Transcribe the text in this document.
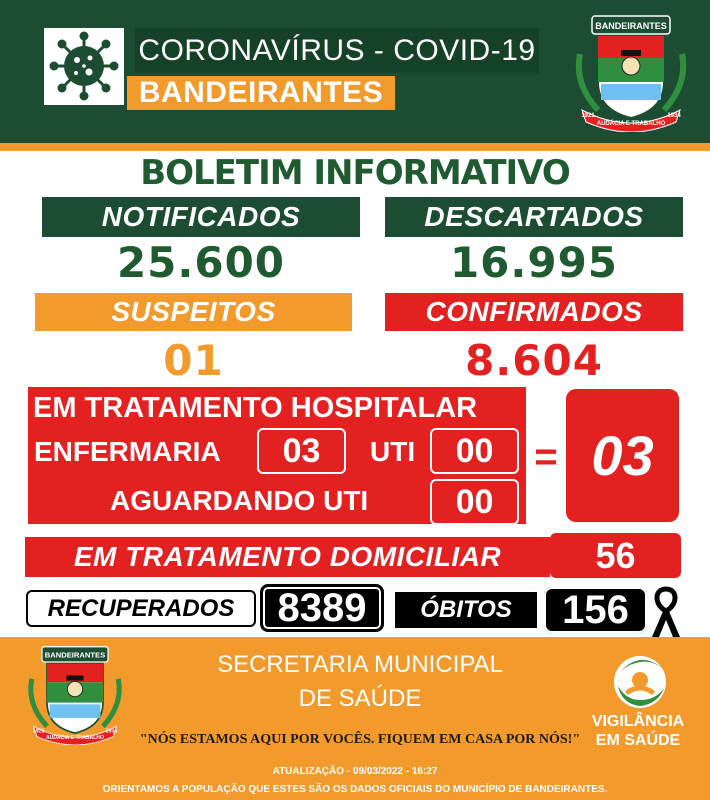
CORONAVÍRUS - COVID-19
BANDEIRANTES
BANDEIRANTES
AUDÁCIA E TRABALHO
1921	1934
BOLETIM INFORMATIVO
NOTIFICADOS	DESCARTADOS
25.600	16.995
SUSPEITOS	CONFIRMADOS
01	8.604
EM TRATAMENTO HOSPITALAR
ENFERMARIA	03	UTI	00
AGUARDANDO UTI	00
= 03
EM TRATAMENTO DOMICILIAR	56
RECUPERADOS	8389	ÓBITOS	156
BANDEIRANTES
AUDÁCIA E TRABALHO
1921	1934
SECRETARIA MUNICIPAL
DE SAÚDE
"NÓS ESTAMOS AQUI POR VOCÊS. FIQUEM EM CASA POR NÓS!"
ATUALIZAÇÃO - 09/03/2022 - 16:27
ORIENTAMOS A POPULAÇÃO QUE ESTES SÃO OS DADOS OFICIAIS DO MUNICÍPIO DE BANDEIRANTES.
VIGILÂNCIA
EM SAÚDE
